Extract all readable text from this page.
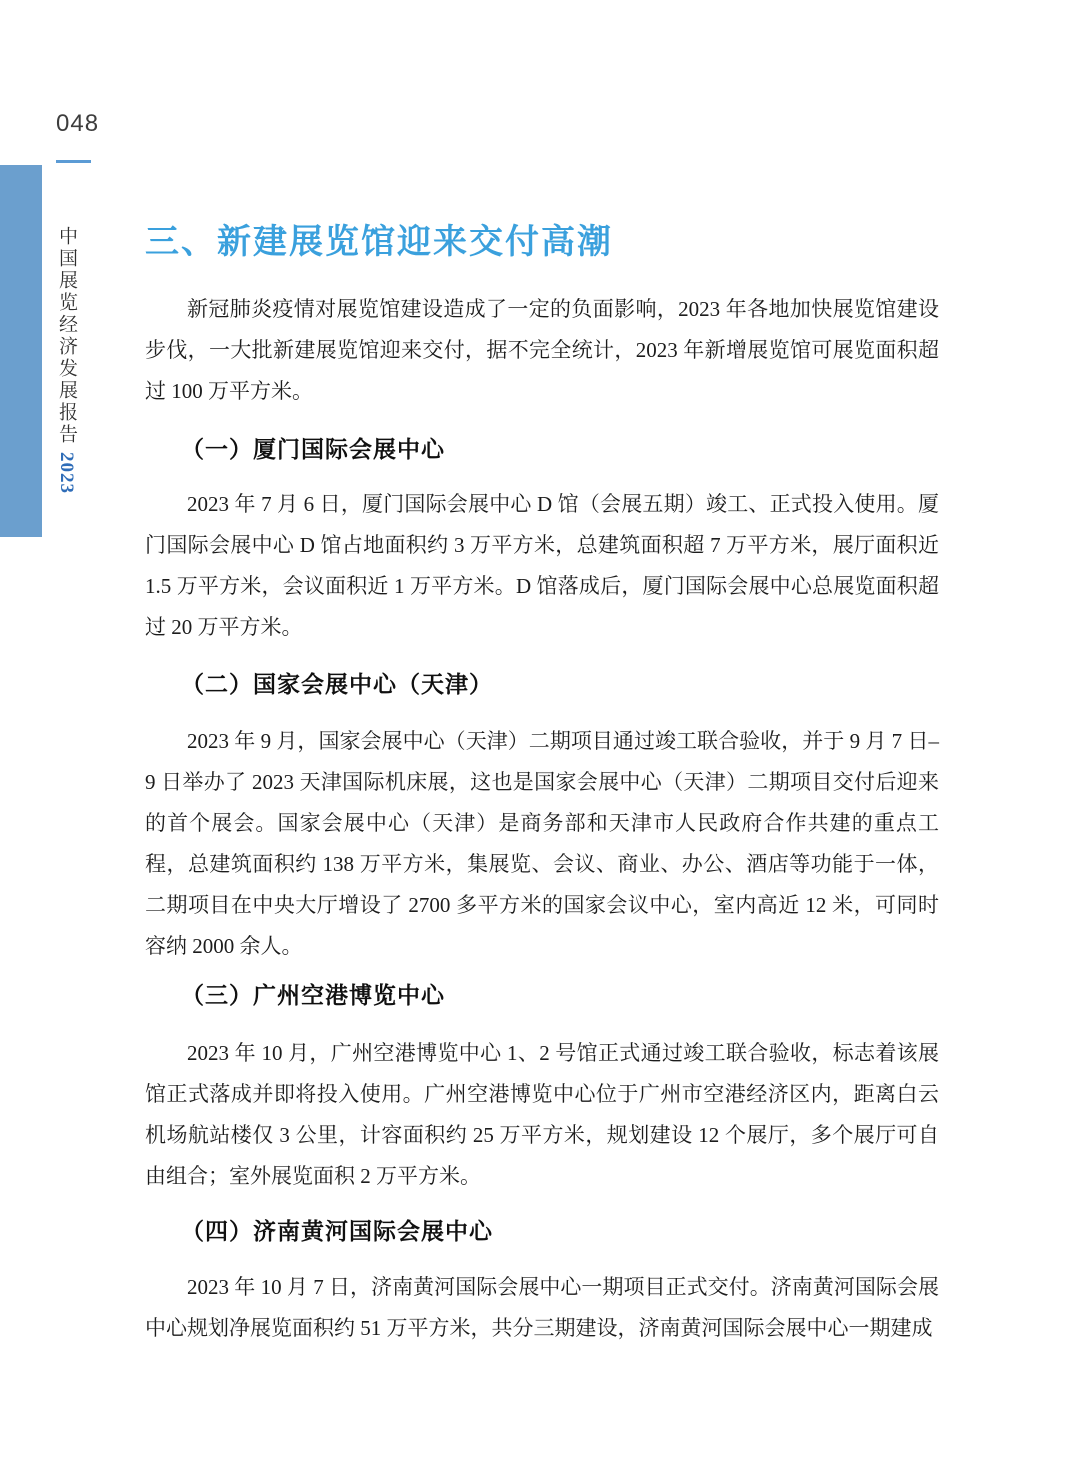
048
中国展览经济发展报告2023
三、新建展览馆迎来交付高潮

新冠肺炎疫情对展览馆建设造成了一定的负面影响，2023 年各地加快展览馆建设步伐，一大批新建展览馆迎来交付，据不完全统计，2023 年新增展览馆可展览面积超过 100 万平方米。

（一）厦门国际会展中心

2023 年 7 月 6 日，厦门国际会展中心 D 馆（会展五期）竣工、正式投入使用。厦门国际会展中心 D 馆占地面积约 3 万平方米，总建筑面积超 7 万平方米，展厅面积近 1.5 万平方米，会议面积近 1 万平方米。D 馆落成后，厦门国际会展中心总展览面积超过 20 万平方米。

（二）国家会展中心（天津）

2023 年 9 月，国家会展中心（天津）二期项目通过竣工联合验收，并于 9 月 7 日–9 日举办了 2023 天津国际机床展，这也是国家会展中心（天津）二期项目交付后迎来的首个展会。国家会展中心（天津）是商务部和天津市人民政府合作共建的重点工程，总建筑面积约 138 万平方米，集展览、会议、商业、办公、酒店等功能于一体，二期项目在中央大厅增设了 2700 多平方米的国家会议中心，室内高近 12 米，可同时容纳 2000 余人。

（三）广州空港博览中心

2023 年 10 月，广州空港博览中心 1、2 号馆正式通过竣工联合验收，标志着该展馆正式落成并即将投入使用。广州空港博览中心位于广州市空港经济区内，距离白云机场航站楼仅 3 公里，计容面积约 25 万平方米，规划建设 12 个展厅，多个展厅可自由组合；室外展览面积 2 万平方米。

（四）济南黄河国际会展中心

2023 年 10 月 7 日，济南黄河国际会展中心一期项目正式交付。济南黄河国际会展中心规划净展览面积约 51 万平方米，共分三期建设，济南黄河国际会展中心一期建成
